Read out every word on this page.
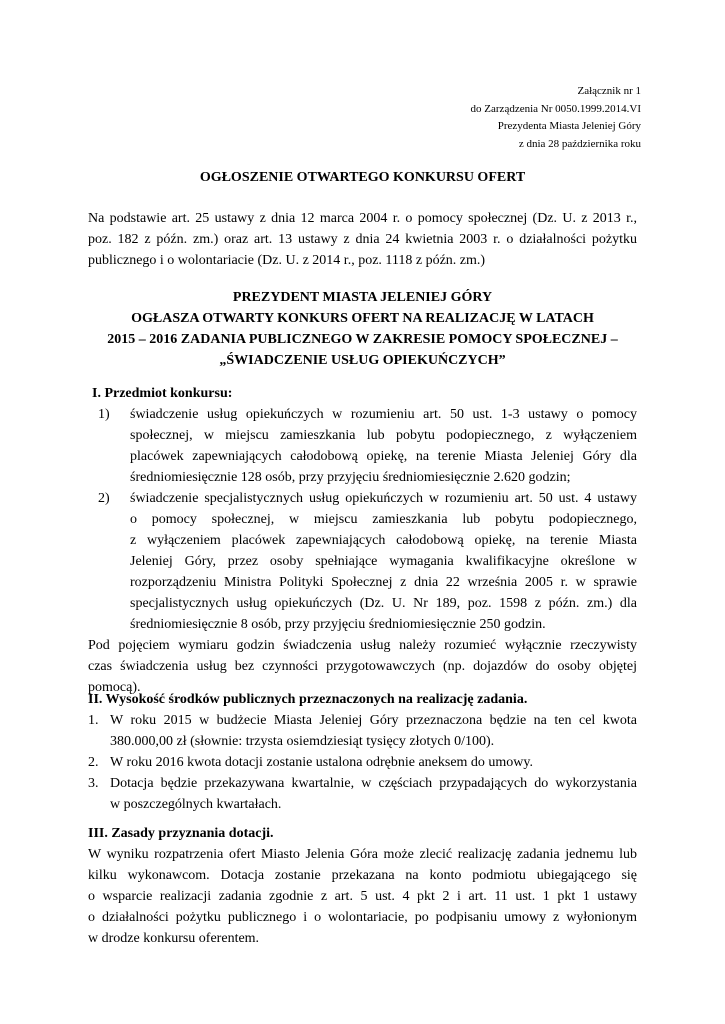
Załącznik nr 1
do Zarządzenia Nr 0050.1999.2014.VI
Prezydenta Miasta Jeleniej Góry
z dnia 28 października roku
OGŁOSZENIE OTWARTEGO KONKURSU OFERT
Na podstawie art. 25 ustawy z dnia 12 marca 2004 r. o pomocy społecznej (Dz. U. z 2013 r.,
poz. 182 z późn. zm.) oraz art. 13 ustawy z dnia 24 kwietnia 2003 r. o działalności pożytku
publicznego i o wolontariacie (Dz. U. z 2014 r., poz. 1118 z późn. zm.)
PREZYDENT MIASTA JELENIEJ GÓRY
OGŁASZA OTWARTY KONKURS OFERT NA REALIZACJĘ W LATACH
2015 – 2016 ZADANIA PUBLICZNEGO W ZAKRESIE POMOCY SPOŁECZNEJ –
„ŚWIADCZENIE USŁUG OPIEKUŃCZYCH”
I. Przedmiot konkursu:
1)	świadczenie usług opiekuńczych w rozumieniu art. 50 ust. 1-3 ustawy o pomocy
społecznej, w miejscu zamieszkania lub pobytu podopiecznego, z wyłączeniem
placówek zapewniających całodobową opiekę, na terenie Miasta Jeleniej Góry dla
średniomiesięcznie 128 osób, przy przyjęciu średniomiesięcznie 2.620 godzin;
2)	świadczenie specjalistycznych usług opiekuńczych w rozumieniu art. 50 ust. 4 ustawy
o pomocy społecznej, w miejscu zamieszkania lub pobytu podopiecznego,
z wyłączeniem placówek zapewniających całodobową opiekę, na terenie Miasta
Jeleniej Góry, przez osoby spełniające wymagania kwalifikacyjne określone w
rozporządzeniu Ministra Polityki Społecznej z dnia 22 września 2005 r. w sprawie
specjalistycznych usług opiekuńczych (Dz. U. Nr 189, poz. 1598 z późn. zm.) dla
średniomiesięcznie 8 osób, przy przyjęciu średniomiesięcznie 250 godzin.
Pod pojęciem wymiaru godzin świadczenia usług należy rozumieć wyłącznie rzeczywisty
czas świadczenia usług bez czynności przygotowawczych (np. dojazdów do osoby objętej
pomocą).
II. Wysokość środków publicznych przeznaczonych na realizację zadania.
1. W roku 2015 w budżecie Miasta Jeleniej Góry przeznaczona będzie na ten cel kwota
380.000,00 zł (słownie: trzysta osiemdziesiąt tysięcy złotych 0/100).
2. W roku 2016 kwota dotacji zostanie ustalona odrębnie aneksem do umowy.
3. Dotacja będzie przekazywana kwartalnie, w częściach przypadających do wykorzystania
w poszczególnych kwartałach.
III. Zasady przyznania dotacji.
W wyniku rozpatrzenia ofert Miasto Jelenia Góra może zlecić realizację zadania jednemu lub
kilku wykonawcom. Dotacja zostanie przekazana na konto podmiotu ubiegającego się
o wsparcie realizacji zadania zgodnie z art. 5 ust. 4 pkt 2 i art. 11 ust. 1 pkt 1 ustawy
o działalności pożytku publicznego i o wolontariacie, po podpisaniu umowy z wyłonionym
w drodze konkursu oferentem.
